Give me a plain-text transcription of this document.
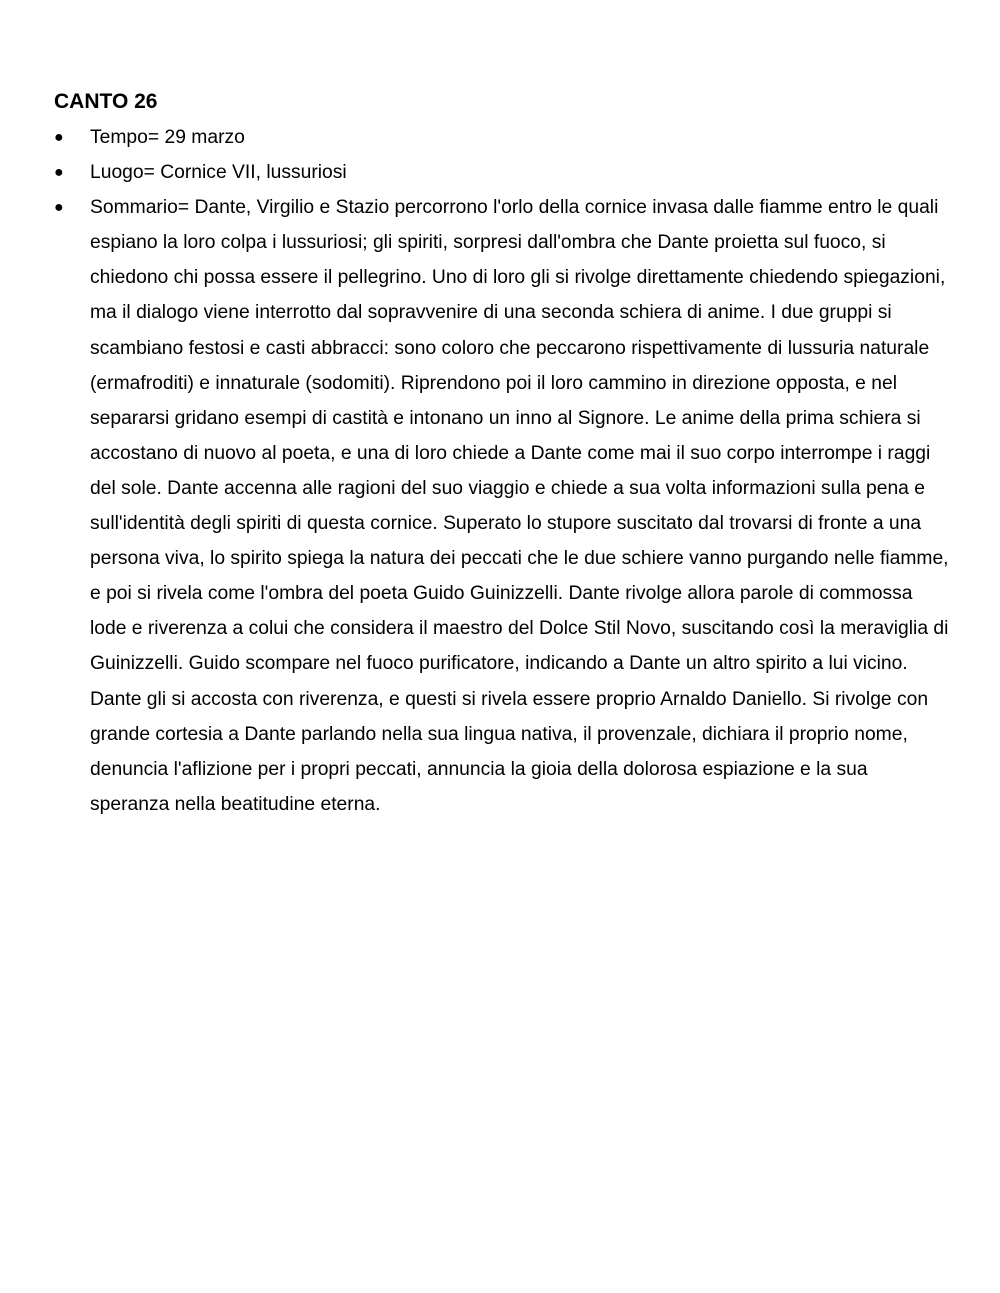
CANTO 26
● Tempo= 29 marzo
● Luogo= Cornice VII, lussuriosi
● Sommario= Dante, Virgilio e Stazio percorrono l'orlo della cornice invasa dalle fiamme entro le quali espiano la loro colpa i lussuriosi; gli spiriti, sorpresi dall'ombra che Dante proietta sul fuoco, si chiedono chi possa essere il pellegrino. Uno di loro gli si rivolge direttamente chiedendo spiegazioni, ma il dialogo viene interrotto dal sopravvenire di una seconda schiera di anime. I due gruppi si scambiano festosi e casti abbracci: sono coloro che peccarono rispettivamente di lussuria naturale (ermafroditi) e innaturale (sodomiti). Riprendono poi il loro cammino in direzione opposta, e nel separarsi gridano esempi di castità e intonano un inno al Signore. Le anime della prima schiera si accostano di nuovo al poeta, e una di loro chiede a Dante come mai il suo corpo interrompe i raggi del sole. Dante accenna alle ragioni del suo viaggio e chiede a sua volta informazioni sulla pena e sull'identità degli spiriti di questa cornice. Superato lo stupore suscitato dal trovarsi di fronte a una persona viva, lo spirito spiega la natura dei peccati che le due schiere vanno purgando nelle fiamme, e poi si rivela come l'ombra del poeta Guido Guinizzelli. Dante rivolge allora parole di commossa lode e riverenza a colui che considera il maestro del Dolce Stil Novo, suscitando così la meraviglia di Guinizzelli. Guido scompare nel fuoco purificatore, indicando a Dante un altro spirito a lui vicino. Dante gli si accosta con riverenza, e questi si rivela essere proprio Arnaldo Daniello. Si rivolge con grande cortesia a Dante parlando nella sua lingua nativa, il provenzale, dichiara il proprio nome, denuncia l'aflizione per i propri peccati, annuncia la gioia della dolorosa espiazione e la sua speranza nella beatitudine eterna.
